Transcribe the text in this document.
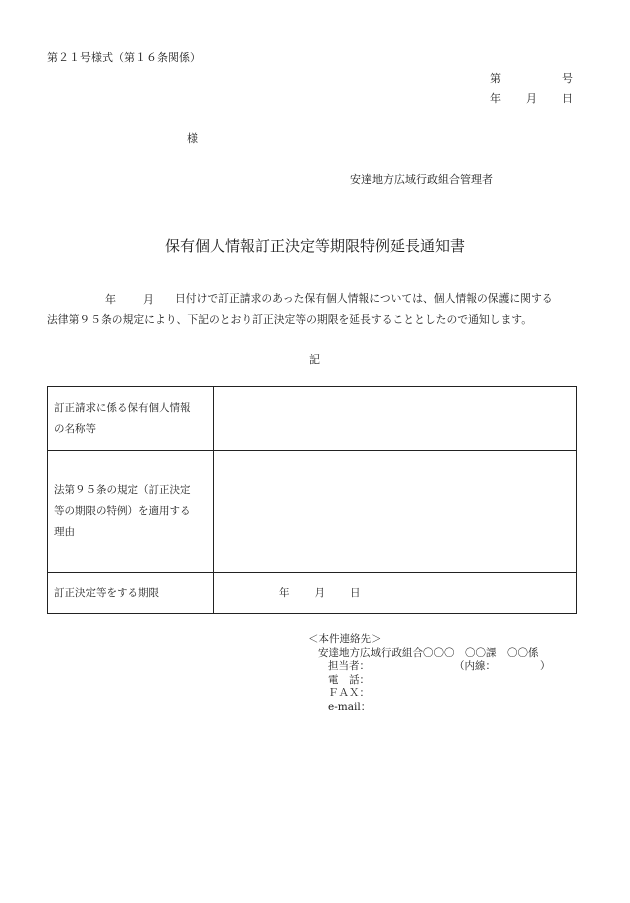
第２１号様式（第１６条関係）
第	号
年 月 日
様
安達地方広域行政組合管理者
保有個人情報訂正決定等期限特例延長通知書
年 月 日付けで訂正請求のあった保有個人情報については、個人情報の保護に関する
法律第９５条の規定により、下記のとおり訂正決定等の期限を延長することとしたので通知します。
記
訂正請求に係る保有個人情報
の名称等	

法第９５条の規定（訂正決定
等の期限の特例）を適用する
理由	

訂正決定等をする期限	年 月 日
＜本件連絡先＞
安達地方広域行政組合〇〇〇　〇〇課　〇〇係
担当者：	（内線：	）
電　話：
ＦＡＸ：
e-mail：
